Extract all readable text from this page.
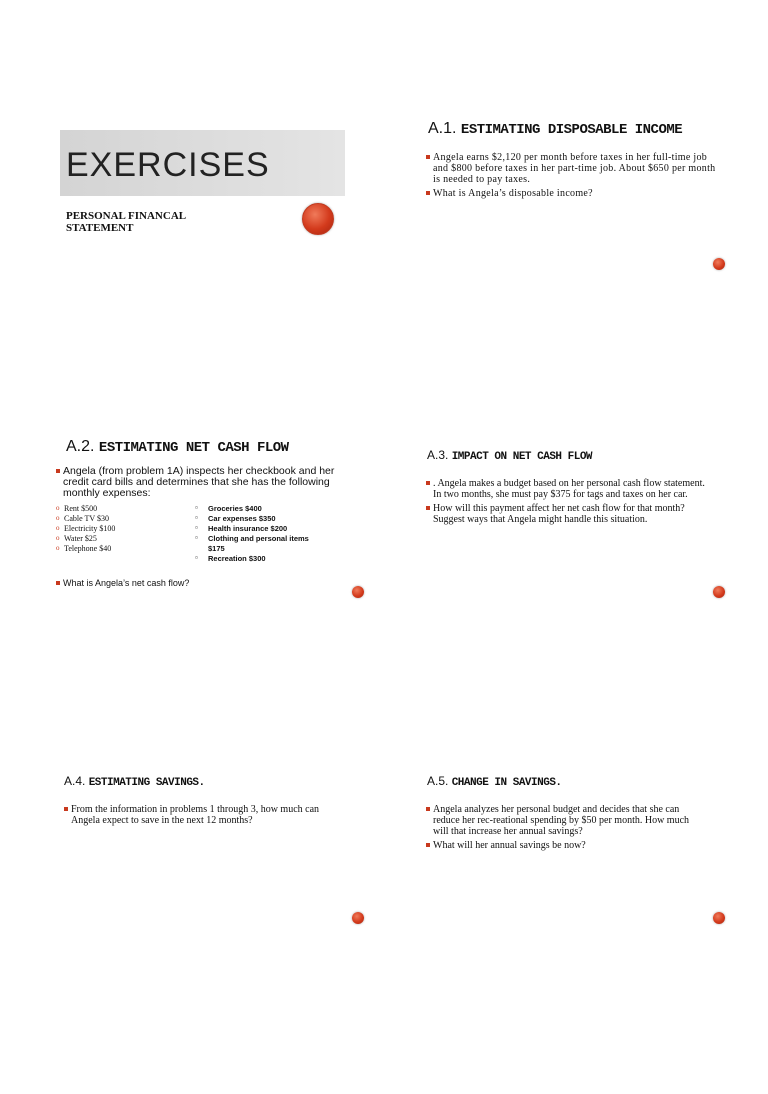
EXERCISES
PERSONAL FINANCAL
STATEMENT
A.1. ESTIMATING DISPOSABLE INCOME
Angela earns $2,120 per month before taxes in her full-time job and $800 before taxes in her part-time job. About $650 per month is needed to pay taxes.
What is Angela’s disposable income?
A.2. ESTIMATING NET CASH FLOW
Angela (from problem 1A) inspects her checkbook and her credit card bills and determines that she has the following monthly expenses:
o Rent $500
o Cable TV $30
o Electricity $100
o Water $25
o Telephone $40
▫ Groceries $400
▫ Car expenses $350
▫ Health insurance $200
▫ Clothing and personal items $175
▫ Recreation $300
What is Angela’s net cash flow?
A.3. IMPACT ON NET CASH FLOW
. Angela makes a budget based on her personal cash flow statement. In two months, she must pay $375 for tags and taxes on her car.
How will this payment affect her net cash flow for that month? Suggest ways that Angela might handle this situation.
A.4. ESTIMATING SAVINGS.
From the information in problems 1 through 3, how much can Angela expect to save in the next 12 months?
A.5. CHANGE IN SAVINGS.
Angela analyzes her personal budget and decides that she can reduce her rec-reational spending by $50 per month. How much will that increase her annual savings?
What will her annual savings be now?
